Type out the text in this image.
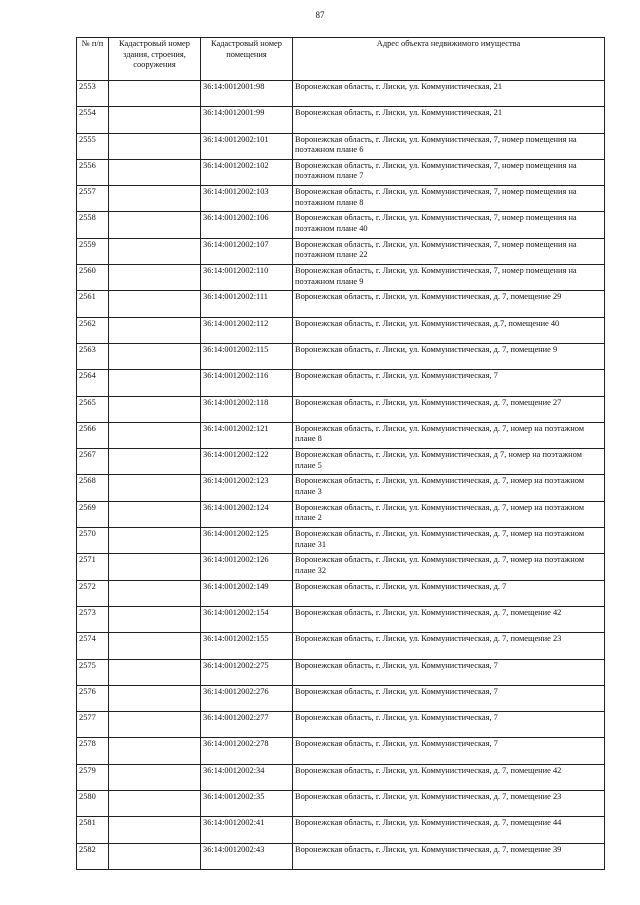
87
№ п/п	Кадастровый номер здания, строения, сооружения	Кадастровый номер помещения	Адрес объекта недвижимого имущества
2553		36:14:0012001:98	Воронежская область, г. Лиски, ул. Коммунистическая, 21
2554		36:14:0012001:99	Воронежская область, г. Лиски, ул. Коммунистическая, 21
2555		36:14:0012002:101	Воронежская область, г. Лиски, ул. Коммунистическая, 7, номер помещения на поэтажном плане 6
2556		36:14:0012002:102	Воронежская область, г. Лиски, ул. Коммунистическая, 7, номер помещения на поэтажном плане 7
2557		36:14:0012002:103	Воронежская область, г. Лиски, ул. Коммунистическая, 7, номер помещения на поэтажном плане 8
2558		36:14:0012002:106	Воронежская область, г. Лиски, ул. Коммунистическая, 7, номер помещения на поэтажном плане 40
2559		36:14:0012002:107	Воронежская область, г. Лиски, ул. Коммунистическая, 7, номер помещения на поэтажном плане 22
2560		36:14:0012002:110	Воронежская область, г. Лиски, ул. Коммунистическая, 7, номер помещения на поэтажном плане 9
2561		36:14:0012002:111	Воронежская область, г. Лиски, ул. Коммунистическая, д. 7, помещение 29
2562		36:14:0012002:112	Воронежская область, г. Лиски, ул. Коммунистическая, д.7, помещение 40
2563		36:14:0012002:115	Воронежская область, г. Лиски, ул. Коммунистическая, д. 7, помещение 9
2564		36:14:0012002:116	Воронежская область, г. Лиски, ул. Коммунистическая, 7
2565		36:14:0012002:118	Воронежская область, г. Лиски, ул. Коммунистическая, д. 7, помещение 27
2566		36:14:0012002:121	Воронежская область, г. Лиски, ул. Коммунистическая, д. 7, номер на поэтажном плане 8
2567		36:14:0012002:122	Воронежская область, г. Лиски, ул. Коммунистическая, д 7, номер на поэтажном плане 5
2568		36:14:0012002:123	Воронежская область, г. Лиски, ул. Коммунистическая, д. 7, номер на поэтажном плане 3
2569		36:14:0012002:124	Воронежская область, г. Лиски, ул. Коммунистическая, д. 7, номер на поэтажном плане 2
2570		36:14:0012002:125	Воронежская область, г. Лиски, ул. Коммунистическая, д. 7, номер на поэтажном плане 31
2571		36:14:0012002:126	Воронежская область, г. Лиски, ул. Коммунистическая, д. 7, номер на поэтажном плане 32
2572		36:14:0012002:149	Воронежская область, г. Лиски, ул. Коммунистическая, д. 7
2573		36:14:0012002:154	Воронежская область, г. Лиски, ул. Коммунистическая, д. 7, помещение 42
2574		36:14:0012002:155	Воронежская область, г. Лиски, ул. Коммунистическая, д. 7, помещение 23
2575		36:14:0012002:275	Воронежская область, г. Лиски, ул. Коммунистическая, 7
2576		36:14:0012002:276	Воронежская область, г. Лиски, ул. Коммунистическая, 7
2577		36:14:0012002:277	Воронежская область, г. Лиски, ул. Коммунистическая, 7
2578		36:14:0012002:278	Воронежская область, г. Лиски, ул. Коммунистическая, 7
2579		36:14:0012002:34	Воронежская область, г. Лиски, ул. Коммунистическая, д. 7, помещение 42
2580		36:14:0012002:35	Воронежская область, г. Лиски, ул. Коммунистическая, д. 7, помещение 23
2581		36:14:0012002:41	Воронежская область, г. Лиски, ул. Коммунистическая, д. 7, помещение 44
2582		36:14:0012002:43	Воронежская область, г. Лиски, ул. Коммунистическая, д. 7, помещение 39
